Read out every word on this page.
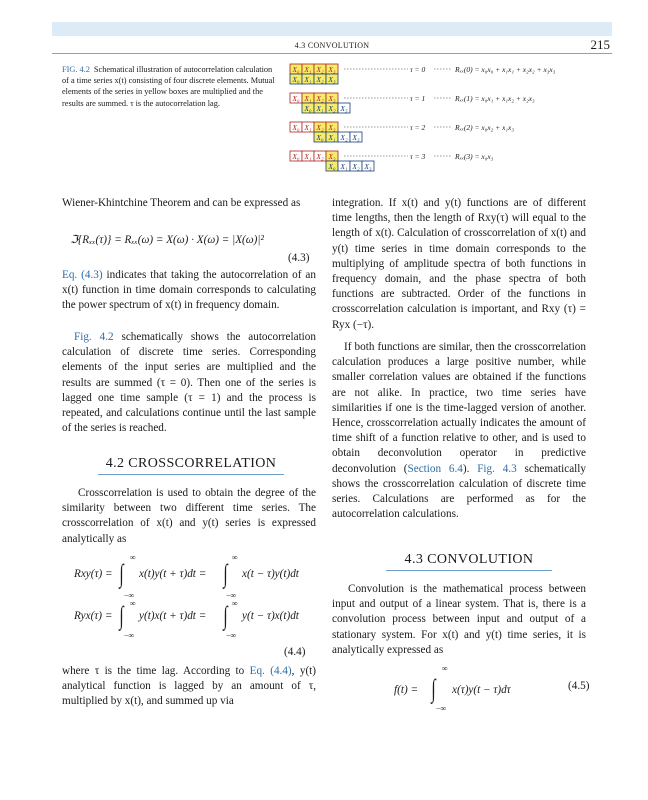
4.3 CONVOLUTION	215
FIG. 4.2 Schematical illustration of autocorrelation calculation of a time series x(t) consisting of four discrete elements. Mutual elements of the series in yellow boxes are multiplied and the results are summed. τ is the autocorrelation lag.
X₀ X₁ X₂ X₃
X₀ X₁ X₂ X₃
τ = 0	Rₓₓ(0) = x₀x₀ + x₁x₁ + x₂x₂ + x₃x₃
X₀ X₁ X₂ X₃
X₀ X₁ X₂ X₃
τ = 1	Rₓₓ(1) = x₀x₁ + x₁x₂ + x₂x₃
X₀ X₁ X₂ X₃
X₀ X₁ X₂ X₃
τ = 2	Rₓₓ(2) = x₀x₂ + x₁x₃
X₀ X₁ X₂ X₃
X₀ X₁ X₂ X₃
τ = 3	Rₓₓ(3) = x₀x₃
Wiener-Khintchine Theorem and can be expressed as
ℑ{Rₓₓ(τ)} = Rₓₓ(ω) = X(ω) · X(ω) = |X(ω)|²
(4.3)
Eq. (4.3) indicates that taking the autocorrelation of an x(t) function in time domain corresponds to calculating the power spectrum of x(t) in frequency domain.
Fig. 4.2 schematically shows the autocorrelation calculation of discrete time series. Corresponding elements of the input series are multiplied and the results are summed (τ = 0). Then one of the series is lagged one time sample (τ = 1) and the process is repeated, and calculations continue until the last sample of the series is reached.
4.2 CROSSCORRELATION
Crosscorrelation is used to obtain the degree of the similarity between two different time series. The crosscorrelation of x(t) and y(t) series is expressed analytically as
Rxy(τ) = ∫
∞
−∞
x(t)y(t + τ)dt = ∫
∞
−∞
x(t − τ)y(t)dt
Ryx(τ) = ∫ ∞
−∞
y(t)x(t + τ)dt = ∫ ∞
−∞
y(t − τ)x(t)dt
(4.4)
where τ is the time lag. According to Eq. (4.4), y(t) analytical function is lagged by an amount of τ, multiplied by x(t), and summed up via
integration. If x(t) and y(t) functions are of different time lengths, then the length of Rxy(τ) will equal to the length of x(t). Calculation of crosscorrelation of x(t) and y(t) time series in time domain corresponds to the multiplying of amplitude spectra of both functions in frequency domain, and the phase spectra of both functions are subtracted. Order of the functions in crosscorrelation calculation is important, and Rxy (τ) = Ryx (−τ).
If both functions are similar, then the crosscorrelation calculation produces a large positive number, while smaller correlation values are obtained if the functions are not alike. In practice, two time series have similarities if one is the time-lagged version of another. Hence, crosscorrelation actually indicates the amount of time shift of a function relative to other, and is used to obtain deconvolution operator in predictive deconvolution (Section 6.4). Fig. 4.3 schematically shows the crosscorrelation calculation of discrete time series. Calculations are performed as for the autocorrelation calculations.
4.3 CONVOLUTION
Convolution is the mathematical process between input and output of a linear system. That is, there is a convolution process between input and output of a stationary system. For x(t) and y(t) time series, it is analytically expressed as
f(t) = ∫
∞
−∞
x(τ)y(t − τ)dτ	(4.5)
